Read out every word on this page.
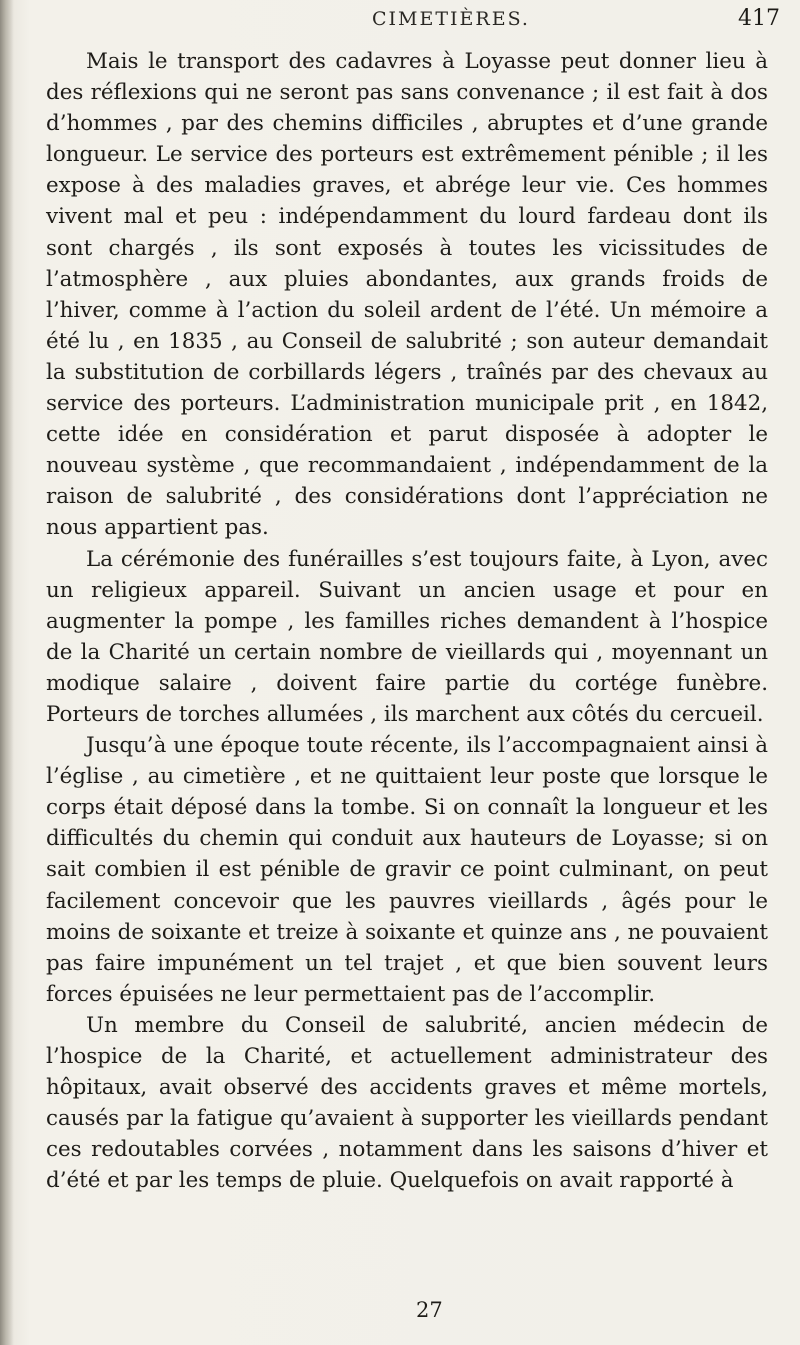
CIMETIÈRES.	417

Mais le transport des cadavres à Loyasse peut donner lieu à des réflexions qui ne seront pas sans convenance ; il est fait à dos d’hommes , par des chemins difficiles , abruptes et d’une grande longueur. Le service des porteurs est extrêmement pénible ; il les expose à des maladies graves, et abrége leur vie. Ces hommes vivent mal et peu : indépendamment du lourd fardeau dont ils sont chargés , ils sont exposés à toutes les vicissitudes de l’atmosphère , aux pluies abondantes, aux grands froids de l’hiver, comme à l’action du soleil ardent de l’été. Un mémoire a été lu , en 1835 , au Conseil de salubrité ; son auteur demandait la substitution de corbillards légers , traînés par des chevaux au service des porteurs. L’administration municipale prit , en 1842, cette idée en considération et parut disposée à adopter le nouveau système , que recommandaient , indépendamment de la raison de salubrité , des considérations dont l’appréciation ne nous appartient pas.

La cérémonie des funérailles s’est toujours faite, à Lyon, avec un religieux appareil. Suivant un ancien usage et pour en augmenter la pompe , les familles riches demandent à l’hospice de la Charité un certain nombre de vieillards qui , moyennant un modique salaire , doivent faire partie du cortége funèbre. Porteurs de torches allumées , ils marchent aux côtés du cercueil.

Jusqu’à une époque toute récente, ils l’accompagnaient ainsi à l’église , au cimetière , et ne quittaient leur poste que lorsque le corps était déposé dans la tombe. Si on connaît la longueur et les difficultés du chemin qui conduit aux hauteurs de Loyasse; si on sait combien il est pénible de gravir ce point culminant, on peut facilement concevoir que les pauvres vieillards , âgés pour le moins de soixante et treize à soixante et quinze ans , ne pouvaient pas faire impunément un tel trajet , et que bien souvent leurs forces épuisées ne leur permettaient pas de l’accomplir.

Un membre du Conseil de salubrité, ancien médecin de l’hospice de la Charité, et actuellement administrateur des hôpitaux, avait observé des accidents graves et même mortels, causés par la fatigue qu’avaient à supporter les vieillards pendant ces redoutables corvées , notamment dans les saisons d’hiver et d’été et par les temps de pluie. Quelquefois on avait rapporté à

27
